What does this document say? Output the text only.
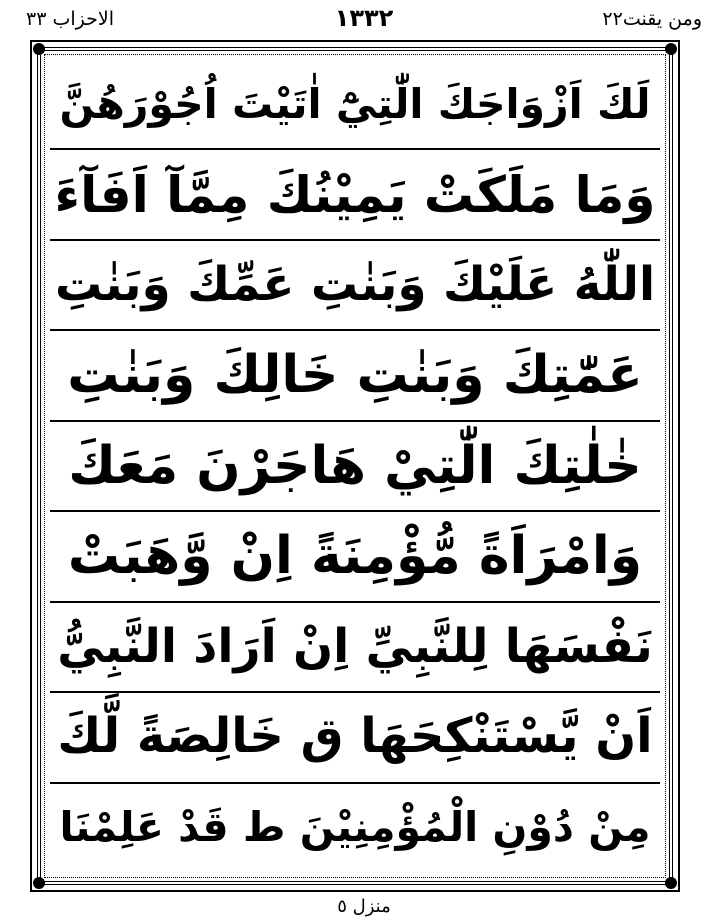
الاحزاب ٣٣	١٣٣٢	ومن يقنت٢٢
لَكَ اَزْوَاجَكَ الّٰتِيْٓ اٰتَيْتَ اُجُوْرَهُنَّ
وَمَا مَلَكَتْ يَمِيْنُكَ مِمَّآ اَفَآءَ
اللّٰهُ عَلَيْكَ وَبَنٰتِ عَمِّكَ وَبَنٰتِ
عَمّٰتِكَ وَبَنٰتِ خَالِكَ وَبَنٰتِ
خٰلٰتِكَ الّٰتِيْ هَاجَرْنَ مَعَكَ
وَامْرَاَةً مُّؤْمِنَةً اِنْ وَّهَبَتْ
نَفْسَهَا لِلنَّبِيِّ اِنْ اَرَادَ النَّبِيُّ
اَنْ يَّسْتَنْكِحَهَا ق خَالِصَةً لَّكَ
مِنْ دُوْنِ الْمُؤْمِنِيْنَ ط قَدْ عَلِمْنَا
منزل ٥
